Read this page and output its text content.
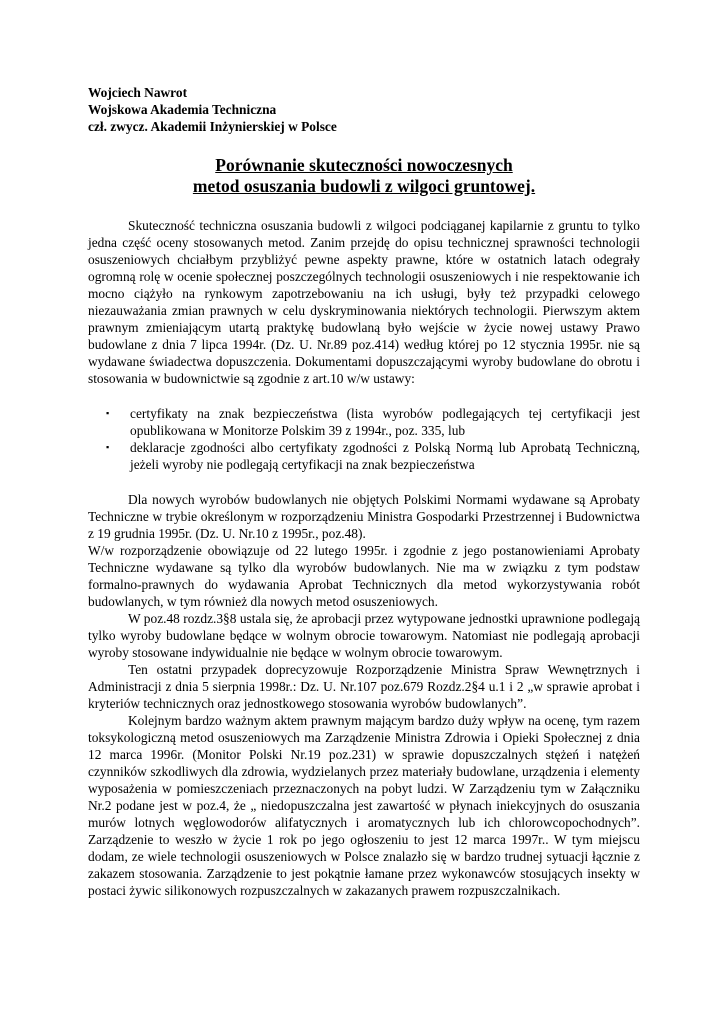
Wojciech Nawrot
Wojskowa Akademia Techniczna
czł. zwycz. Akademii Inżynierskiej w Polsce
Porównanie skuteczności nowoczesnych
metod osuszania budowli z wilgoci gruntowej.

Skuteczność techniczna osuszania budowli z wilgoci podciąganej kapilarnie z gruntu to tylko jedna część oceny stosowanych metod. Zanim przejdę do opisu technicznej sprawności technologii osuszeniowych chciałbym przybliżyć pewne aspekty prawne, które w ostatnich latach odegrały ogromną rolę w ocenie społecznej poszczególnych technologii osuszeniowych i nie respektowanie ich mocno ciążyło na rynkowym zapotrzebowaniu na ich usługi, były też przypadki celowego niezauważania zmian prawnych w celu dyskryminowania niektórych technologii. Pierwszym aktem prawnym zmieniającym utartą praktykę budowlaną było wejście w życie nowej ustawy Prawo budowlane z dnia 7 lipca 1994r. (Dz. U. Nr.89 poz.414) według której po 12 stycznia 1995r. nie są wydawane świadectwa dopuszczenia. Dokumentami dopuszczającymi wyroby budowlane do obrotu i stosowania w budownictwie są zgodnie z art.10 w/w ustawy:

▪ certyfikaty na znak bezpieczeństwa (lista wyrobów podlegających tej certyfikacji jest opublikowana w Monitorze Polskim 39 z 1994r., poz. 335, lub
▪ deklaracje zgodności albo certyfikaty zgodności z Polską Normą lub Aprobatą Techniczną, jeżeli wyroby nie podlegają certyfikacji na znak bezpieczeństwa

Dla nowych wyrobów budowlanych nie objętych Polskimi Normami wydawane są Aprobaty Techniczne w trybie określonym w rozporządzeniu Ministra Gospodarki Przestrzennej i Budownictwa z 19 grudnia 1995r. (Dz. U. Nr.10 z 1995r., poz.48).

W/w rozporządzenie obowiązuje od 22 lutego 1995r. i zgodnie z jego postanowieniami Aprobaty Techniczne wydawane są tylko dla wyrobów budowlanych. Nie ma w związku z tym podstaw formalno-prawnych do wydawania Aprobat Technicznych dla metod wykorzystywania robót budowlanych, w tym również dla nowych metod osuszeniowych.

W poz.48 rozdz.3§8 ustala się, że aprobacji przez wytypowane jednostki uprawnione podlegają tylko wyroby budowlane będące w wolnym obrocie towarowym. Natomiast nie podlegają aprobacji wyroby stosowane indywidualnie nie będące w wolnym obrocie towarowym.

Ten ostatni przypadek doprecyzowuje Rozporządzenie Ministra Spraw Wewnętrznych i Administracji z dnia 5 sierpnia 1998r.: Dz. U. Nr.107 poz.679 Rozdz.2§4 u.1 i 2 „w sprawie aprobat i kryteriów technicznych oraz jednostkowego stosowania wyrobów budowlanych”.

Kolejnym bardzo ważnym aktem prawnym mającym bardzo duży wpływ na ocenę, tym razem toksykologiczną metod osuszeniowych ma Zarządzenie Ministra Zdrowia i Opieki Społecznej z dnia 12 marca 1996r. (Monitor Polski Nr.19 poz.231) w sprawie dopuszczalnych stężeń i natężeń czynników szkodliwych dla zdrowia, wydzielanych przez materiały budowlane, urządzenia i elementy wyposażenia w pomieszczeniach przeznaczonych na pobyt ludzi. W Zarządzeniu tym w Załączniku Nr.2 podane jest w poz.4, że „ niedopuszczalna jest zawartość w płynach iniekcyjnych do osuszania murów lotnych węglowodorów alifatycznych i aromatycznych lub ich chlorowcopochodnych”. Zarządzenie to weszło w życie 1 rok po jego ogłoszeniu to jest 12 marca 1997r.. W tym miejscu dodam, ze wiele technologii osuszeniowych w Polsce znalazło się w bardzo trudnej sytuacji łącznie z zakazem stosowania. Zarządzenie to jest pokątnie łamane przez wykonawców stosujących insekty w postaci żywic silikonowych rozpuszczalnych w zakazanych prawem rozpuszczalnikach.
